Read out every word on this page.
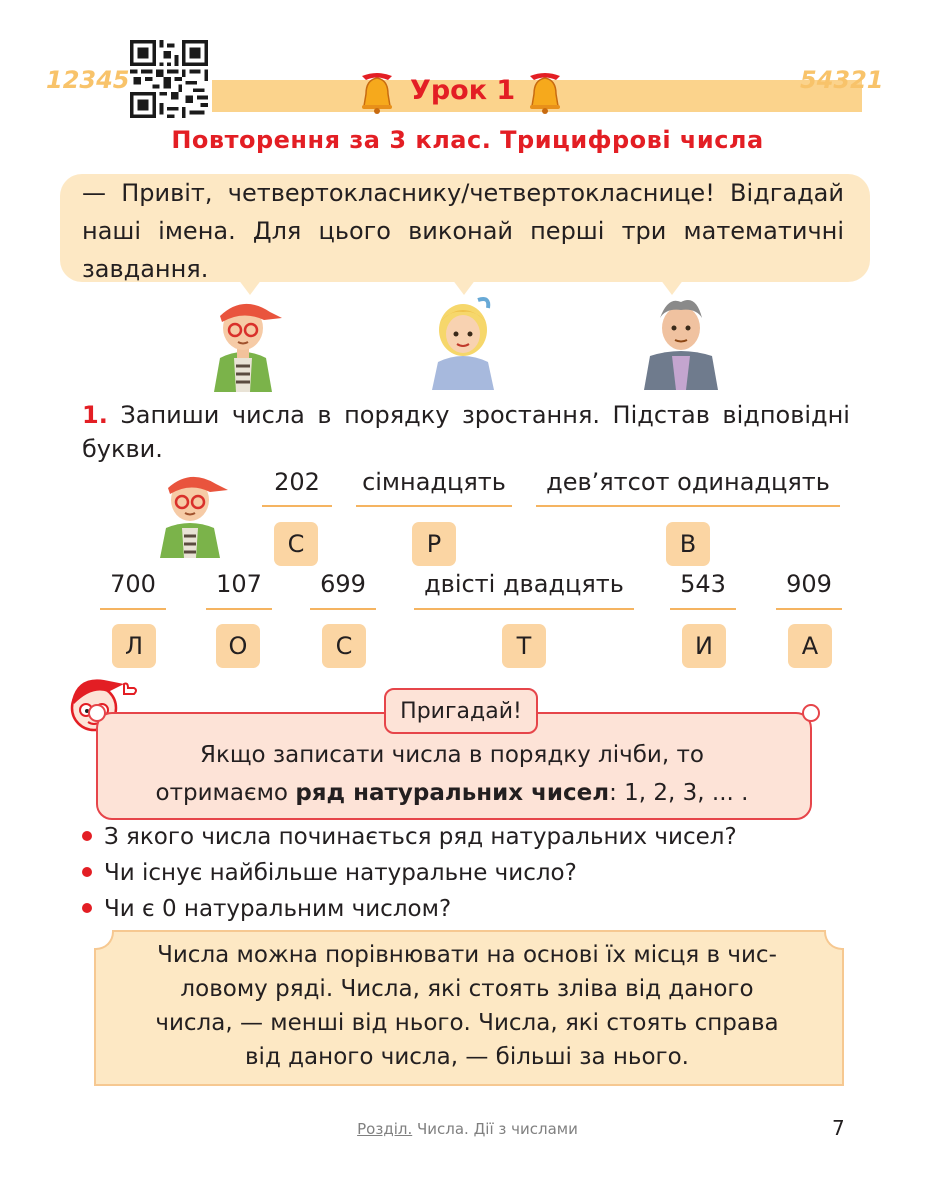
12345	54321
Урок 1
Повторення за 3 клас. Трицифрові числа
— Привіт, четвертокласнику/четвертокласнице! Відгадай наші імена. Для цього виконай перші три математичні завдання.
1. Запиши числа в порядку зростання. Підстав відповідні букви.
202
С
сімнадцять
Р
дев’ятсот одинадцять
В
700
Л
107
О
699
С
двісті двадцять
Т
543
И
909
А
Пригадай!
Якщо записати числа в порядку лічби, то
отримаємо ряд натуральних чисел: 1, 2, 3, ... .
З якого числа починається ряд натуральних чисел?
Чи існує найбільше натуральне число?
Чи є 0 натуральним числом?
Числа можна порівнювати на основі їх місця в чис-
ловому ряді. Числа, які стоять зліва від даного
числа, — менші від нього. Числа, які стоять справа
від даного числа, — більші за нього.
Розділ. Числа. Дії з числами	7
